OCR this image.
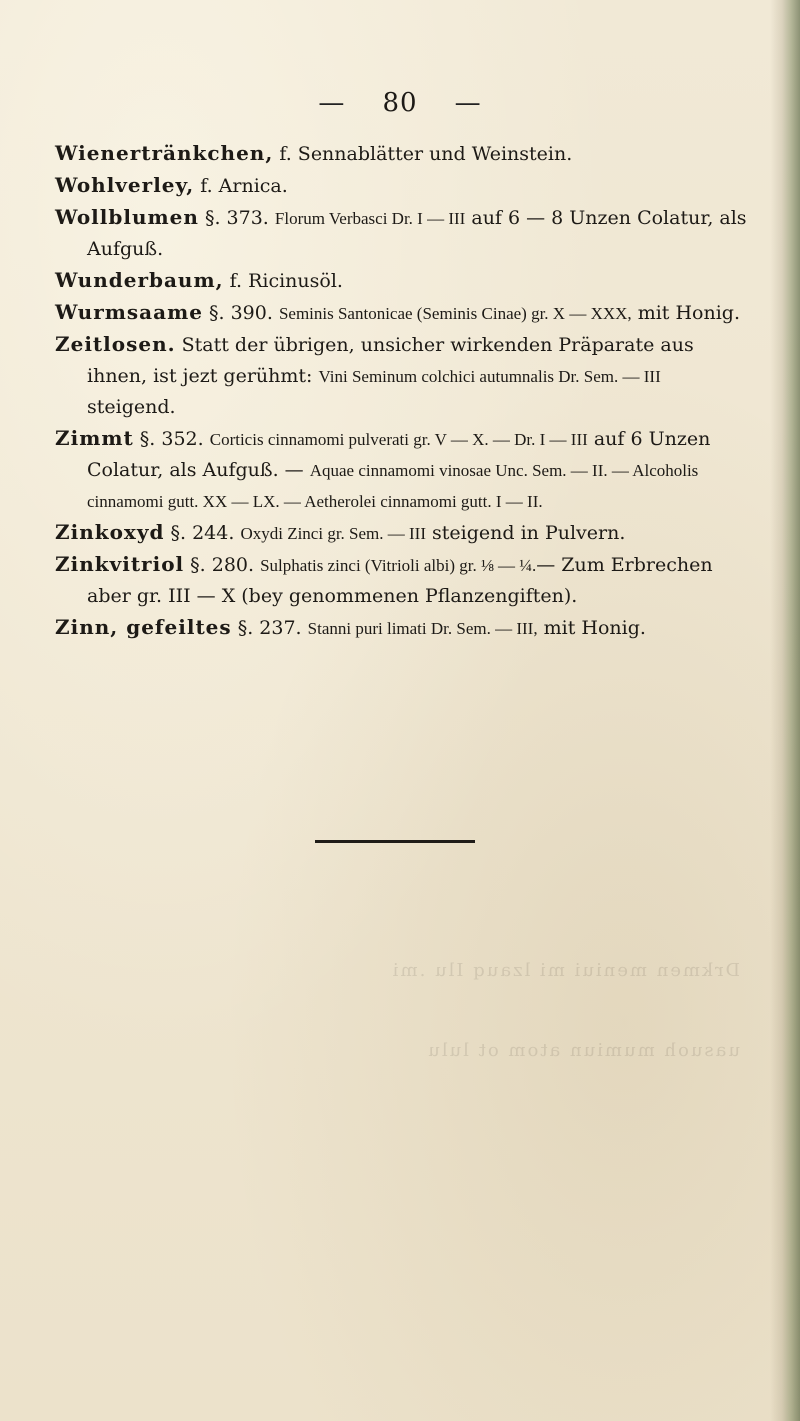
— 80 —

Wienertränkchen, f. Sennablätter und Weinstein.

Wohlverley, f. Arnica.

Wollblumen §. 373. Florum Verbasci Dr. I — III auf 6 — 8 Unzen Colatur, als Aufguß.

Wunderbaum, f. Ricinusöl.

Wurmsaame §. 390. Seminis Santonicae (Seminis Cinae) gr. X — XXX, mit Honig.

Zeitlosen. Statt der übrigen, unsicher wirkenden Präparate aus ihnen, ist jezt gerühmt: Vini Seminum colchici autumnalis Dr. Sem. — III steigend.

Zimmt §. 352. Corticis cinnamomi pulverati gr. V — X. — Dr. I — III auf 6 Unzen Colatur, als Aufguß. — Aquae cinnamomi vinosae Unc. Sem. — II. — Alcoholis cinnamomi gutt. XX — LX. — Aetherolei cinnamomi gutt. I — II.

Zinkoxyd §. 244. Oxydi Zinci gr. Sem. — III steigend in Pulvern.

Zinkvitriol §. 280. Sulphatis zinci (Vitrioli albi) gr. ⅛ — ¼.— Zum Erbrechen aber gr. III — X (bey genommenen Pflanzengiften).

Zinn, gefeiltes §. 237. Stanni puri limati Dr. Sem. — III, mit Honig.

Drkmen meniui mi lzauq Ilu .mi
uasuoh mumiun atom ot lulu
